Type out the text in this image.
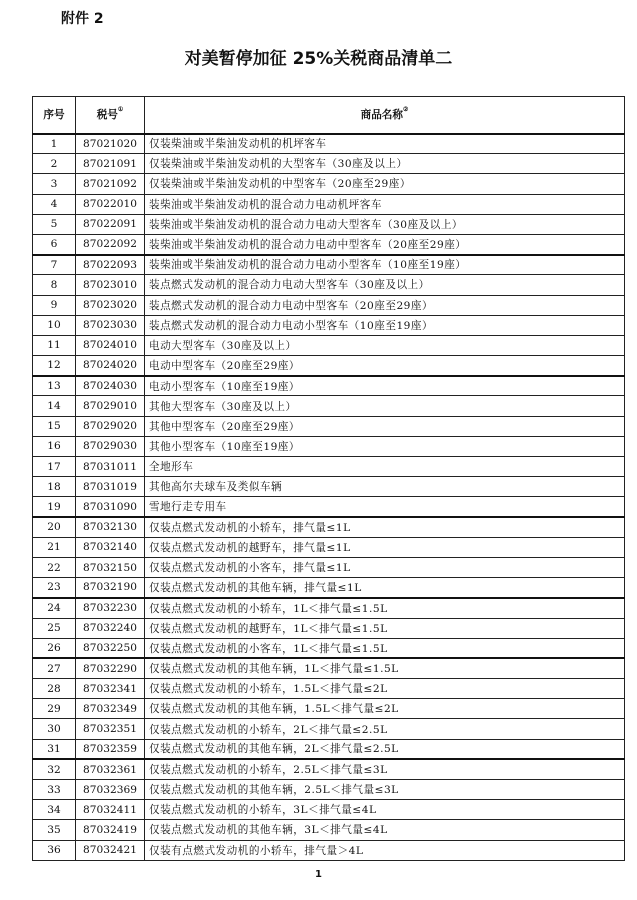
附件 2
对美暂停加征 25%关税商品清单二
序号	税号①	商品名称②
1	87021020	仅装柴油或半柴油发动机的机坪客车
2	87021091	仅装柴油或半柴油发动机的大型客车（30座及以上）
3	87021092	仅装柴油或半柴油发动机的中型客车（20座至29座）
4	87022010	装柴油或半柴油发动机的混合动力电动机坪客车
5	87022091	装柴油或半柴油发动机的混合动力电动大型客车（30座及以上）
6	87022092	装柴油或半柴油发动机的混合动力电动中型客车（20座至29座）
7	87022093	装柴油或半柴油发动机的混合动力电动小型客车（10座至19座）
8	87023010	装点燃式发动机的混合动力电动大型客车（30座及以上）
9	87023020	装点燃式发动机的混合动力电动中型客车（20座至29座）
10	87023030	装点燃式发动机的混合动力电动小型客车（10座至19座）
11	87024010	电动大型客车（30座及以上）
12	87024020	电动中型客车（20座至29座）
13	87024030	电动小型客车（10座至19座）
14	87029010	其他大型客车（30座及以上）
15	87029020	其他中型客车（20座至29座）
16	87029030	其他小型客车（10座至19座）
17	87031011	全地形车
18	87031019	其他高尔夫球车及类似车辆
19	87031090	雪地行走专用车
20	87032130	仅装点燃式发动机的小轿车，排气量≤1L
21	87032140	仅装点燃式发动机的越野车，排气量≤1L
22	87032150	仅装点燃式发动机的小客车，排气量≤1L
23	87032190	仅装点燃式发动机的其他车辆，排气量≤1L
24	87032230	仅装点燃式发动机的小轿车，1L＜排气量≤1.5L
25	87032240	仅装点燃式发动机的越野车，1L＜排气量≤1.5L
26	87032250	仅装点燃式发动机的小客车，1L＜排气量≤1.5L
27	87032290	仅装点燃式发动机的其他车辆，1L＜排气量≤1.5L
28	87032341	仅装点燃式发动机的小轿车，1.5L＜排气量≤2L
29	87032349	仅装点燃式发动机的其他车辆，1.5L＜排气量≤2L
30	87032351	仅装点燃式发动机的小轿车，2L＜排气量≤2.5L
31	87032359	仅装点燃式发动机的其他车辆，2L＜排气量≤2.5L
32	87032361	仅装点燃式发动机的小轿车，2.5L＜排气量≤3L
33	87032369	仅装点燃式发动机的其他车辆，2.5L＜排气量≤3L
34	87032411	仅装点燃式发动机的小轿车，3L＜排气量≤4L
35	87032419	仅装点燃式发动机的其他车辆，3L＜排气量≤4L
36	87032421	仅装有点燃式发动机的小轿车，排气量＞4L
1
